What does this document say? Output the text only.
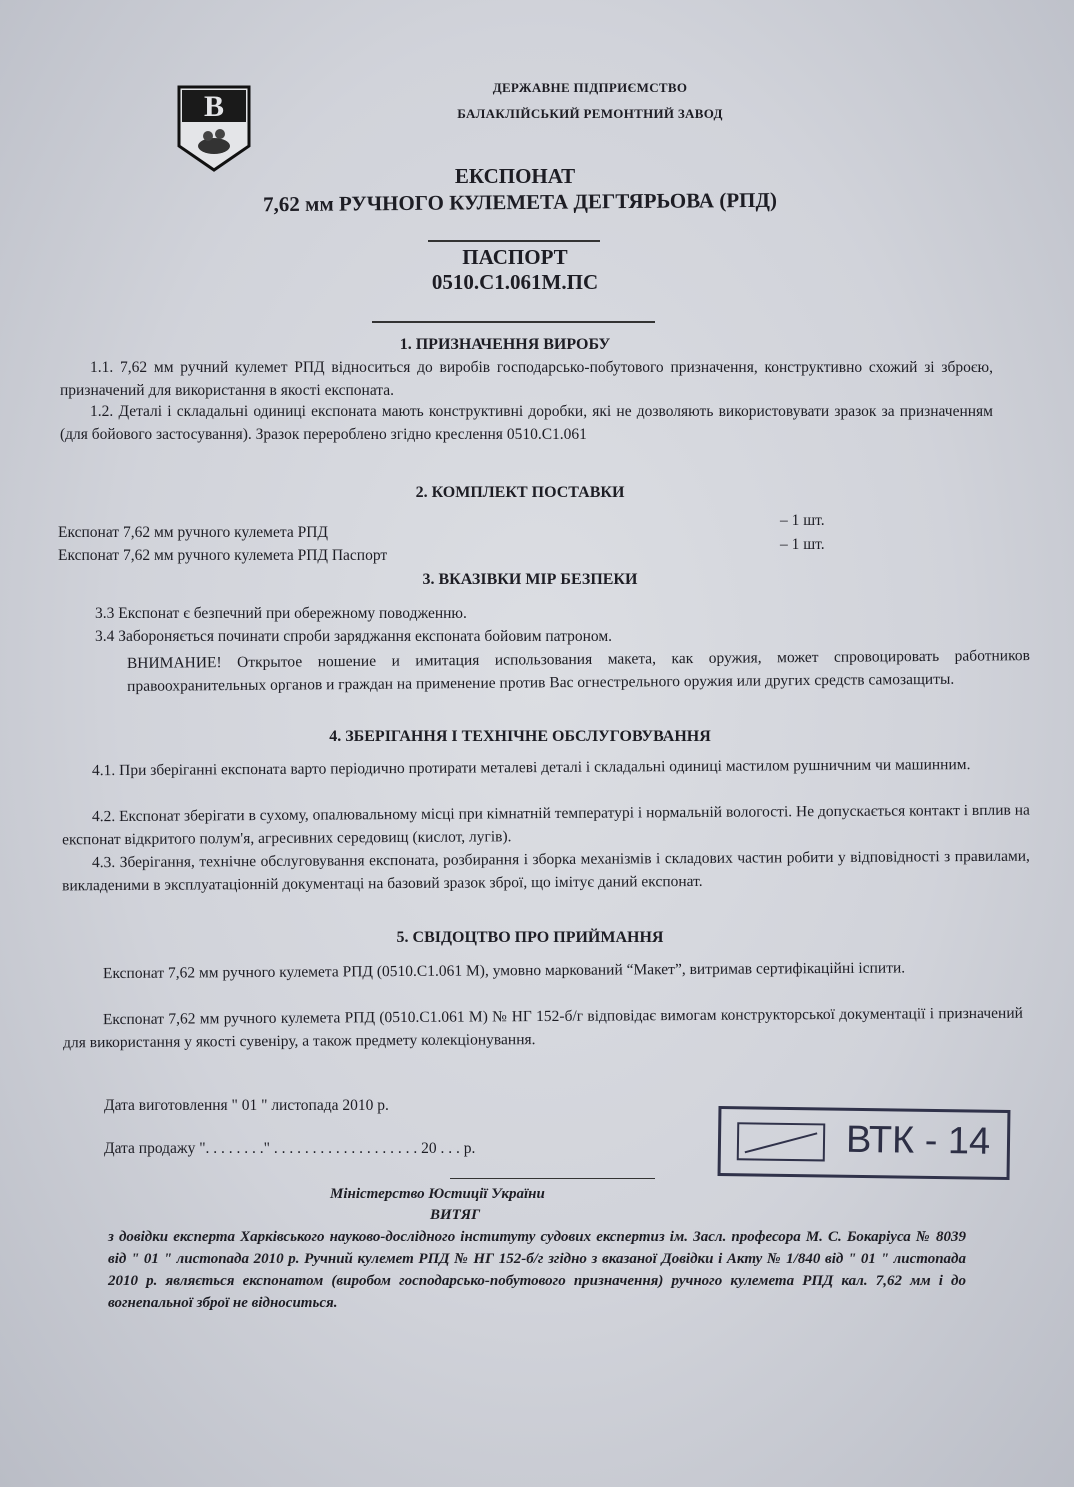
B
ДЕРЖАВНЕ ПІДПРИЄМСТВО
БАЛАКЛІЙСЬКИЙ РЕМОНТНИЙ ЗАВОД
ЕКСПОНАТ
7,62 мм РУЧНОГО КУЛЕМЕТА ДЕГТЯРЬОВА (РПД)
ПАСПОРТ
0510.С1.061М.ПС
1. ПРИЗНАЧЕННЯ ВИРОБУ
1.1. 7,62 мм ручний кулемет РПД відноситься до виробів господарсько-побутового призначення, конструктивно схожий зі зброєю, призначений для використання в якості експоната.
1.2. Деталі і складальні одиниці експоната мають конструктивні доробки, які не дозволяють використовувати зразок за призначенням (для бойового застосування). Зразок перероблено згідно креслення 0510.С1.061
2. КОМПЛЕКТ ПОСТАВКИ
Експонат 7,62 мм ручного кулемета РПД
– 1 шт.
Експонат 7,62 мм ручного кулемета РПД Паспорт
– 1 шт.
3. ВКАЗІВКИ МІР БЕЗПЕКИ
3.3 Експонат є безпечний при обережному поводженню.
3.4 Забороняється починати спроби заряджання експоната бойовим патроном.
ВНИМАНИЕ! Открытое ношение и имитация использования макета, как оружия, может спровоцировать работников правоохранительных органов и граждан на применение против Вас огнестрельного оружия или других средств самозащиты.
4. ЗБЕРІГАННЯ І ТЕХНІЧНЕ ОБСЛУГОВУВАННЯ
4.1. При зберіганні експоната варто періодично протирати металеві деталі і складальні одиниці мастилом рушничним чи машинним.
4.2. Експонат зберігати в сухому, опалювальному місці при кімнатній температурі і нормальній вологості. Не допускається контакт і вплив на експонат відкритого полум'я, агресивних середовищ (кислот, лугів).
4.3. Зберігання, технічне обслуговування експоната, розбирання і зборка механізмів і складових частин робити у відповідності з правилами, викладеними в эксплуатаціонній документаці на базовий зразок зброї, що імітує даний експонат.
5. СВІДОЦТВО ПРО ПРИЙМАННЯ
Експонат 7,62 мм ручного кулемета РПД (0510.С1.061 М), умовно маркований “Макет”, витримав сертифікаційні іспити.
Експонат 7,62 мм ручного кулемета РПД (0510.С1.061 М) № НГ 152-б/г відповідає вимогам конструкторської документації і призначений для використання у якості сувеніру, а також предмету колекціонування.
Дата виготовлення " 01 " листопада 2010 р.
Дата продажу ". . . . . . . ." . . . . . . . . . . . . . . . . . . . 20 . . . р.	ВТК - 14
Міністерство Юстиції України
ВИТЯГ
з довідки експерта Харківського науково-дослідного інституту судових експертиз ім. Засл. професора М. С. Бокаріуса № 8039 від " 01 " листопада 2010 р. Ручний кулемет РПД № НГ 152-б/г згідно з вказаної Довідки і Акту № 1/840 від " 01 " листопада 2010 р. являється експонатом (виробом господарсько-побутового призначення) ручного кулемета РПД кал. 7,62 мм і до вогнепальної зброї не відноситься.
